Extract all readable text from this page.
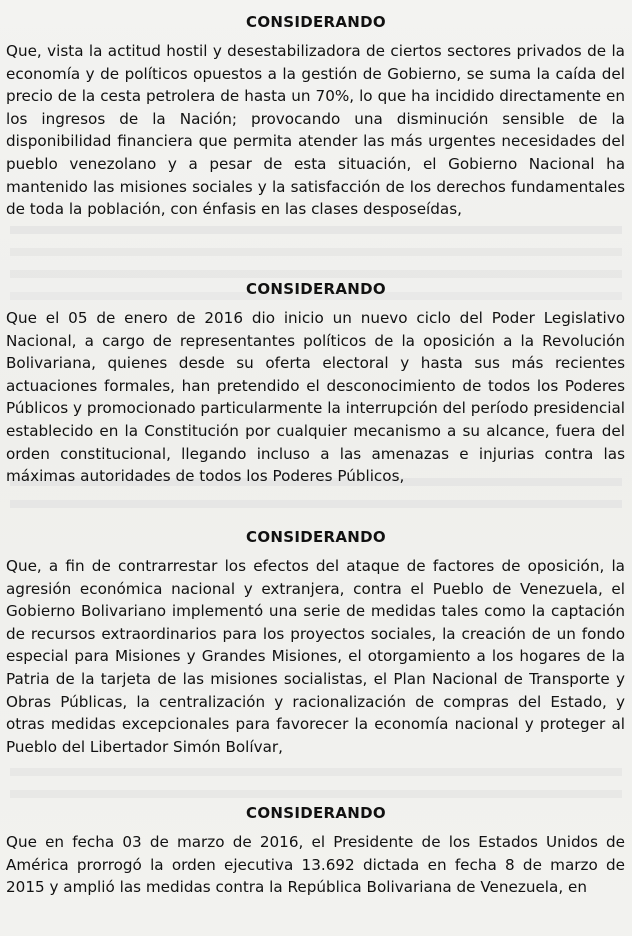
CONSIDERANDO

Que, vista la actitud hostil y desestabilizadora de ciertos sectores privados de la economía y de políticos opuestos a la gestión de Gobierno, se suma la caída del precio de la cesta petrolera de hasta un 70%, lo que ha incidido directamente en los ingresos de la Nación; provocando una disminución sensible de la disponibilidad financiera que permita atender las más urgentes necesidades del pueblo venezolano y a pesar de esta situación, el Gobierno Nacional ha mantenido las misiones sociales y la satisfacción de los derechos fundamentales de toda la población, con énfasis en las clases desposeídas,

CONSIDERANDO

Que el 05 de enero de 2016 dio inicio un nuevo ciclo del Poder Legislativo Nacional, a cargo de representantes políticos de la oposición a la Revolución Bolivariana, quienes desde su oferta electoral y hasta sus más recientes actuaciones formales, han pretendido el desconocimiento de todos los Poderes Públicos y promocionado particularmente la interrupción del período presidencial establecido en la Constitución por cualquier mecanismo a su alcance, fuera del orden constitucional, llegando incluso a las amenazas e injurias contra las máximas autoridades de todos los Poderes Públicos,

CONSIDERANDO

Que, a fin de contrarrestar los efectos del ataque de factores de oposición, la agresión económica nacional y extranjera, contra el Pueblo de Venezuela, el Gobierno Bolivariano implementó una serie de medidas tales como la captación de recursos extraordinarios para los proyectos sociales, la creación de un fondo especial para Misiones y Grandes Misiones, el otorgamiento a los hogares de la Patria de la tarjeta de las misiones socialistas, el Plan Nacional de Transporte y Obras Públicas, la centralización y racionalización de compras del Estado, y otras medidas excepcionales para favorecer la economía nacional y proteger al Pueblo del Libertador Simón Bolívar,

CONSIDERANDO

Que en fecha 03 de marzo de 2016, el Presidente de los Estados Unidos de América prorrogó la orden ejecutiva 13.692 dictada en fecha 8 de marzo de 2015 y amplió las medidas contra la República Bolivariana de Venezuela, en
